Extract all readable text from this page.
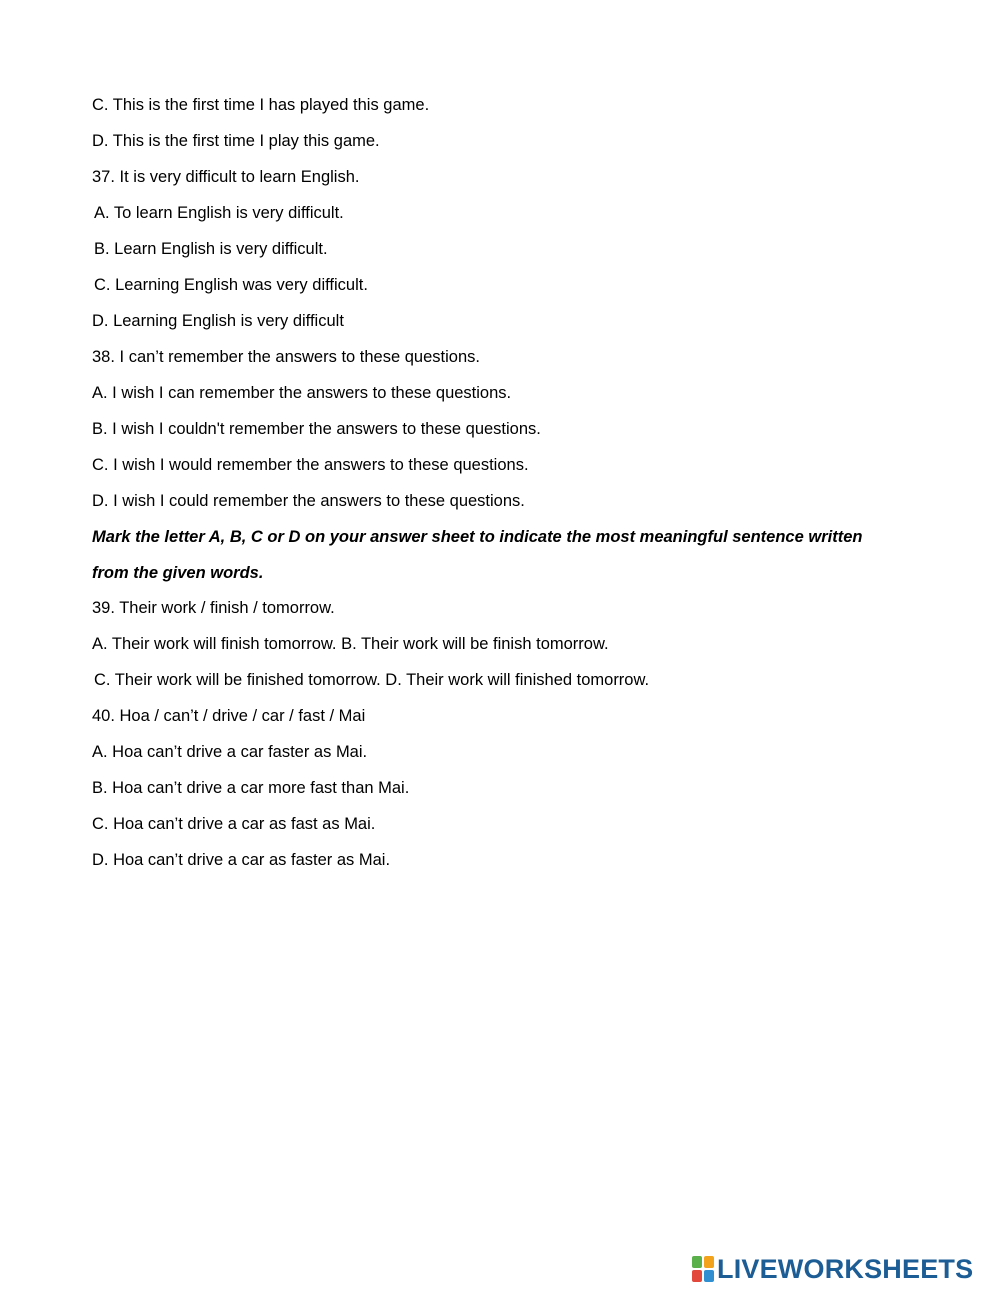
C. This is the first time I has played this game.
D. This is the first time I play this game.
37. It is very difficult to learn English.
A. To learn English is very difficult.
B. Learn English is very difficult.
C. Learning English was very difficult.
D. Learning English is very difficult
38. I can’t remember the answers to these questions.
A. I wish I can remember the answers to these questions.
B. I wish I couldn't remember the answers to these questions.
C. I wish I would remember the answers to these questions.
D. I wish I could remember the answers to these questions.
Mark the letter A, B, C or D on your answer sheet to indicate the most meaningful sentence written
from the given words.
39. Their work / finish / tomorrow.
A. Their work will finish tomorrow. B. Their work will be finish tomorrow.
C. Their work will be finished tomorrow. D. Their work will finished tomorrow.
40. Hoa / can’t / drive / car / fast / Mai
A. Hoa can’t drive a car faster as Mai.
B. Hoa can’t drive a car more fast than Mai.
C. Hoa can’t drive a car as fast as Mai.
D. Hoa can’t drive a car as faster as Mai.
LIVEWORKSHEETS
